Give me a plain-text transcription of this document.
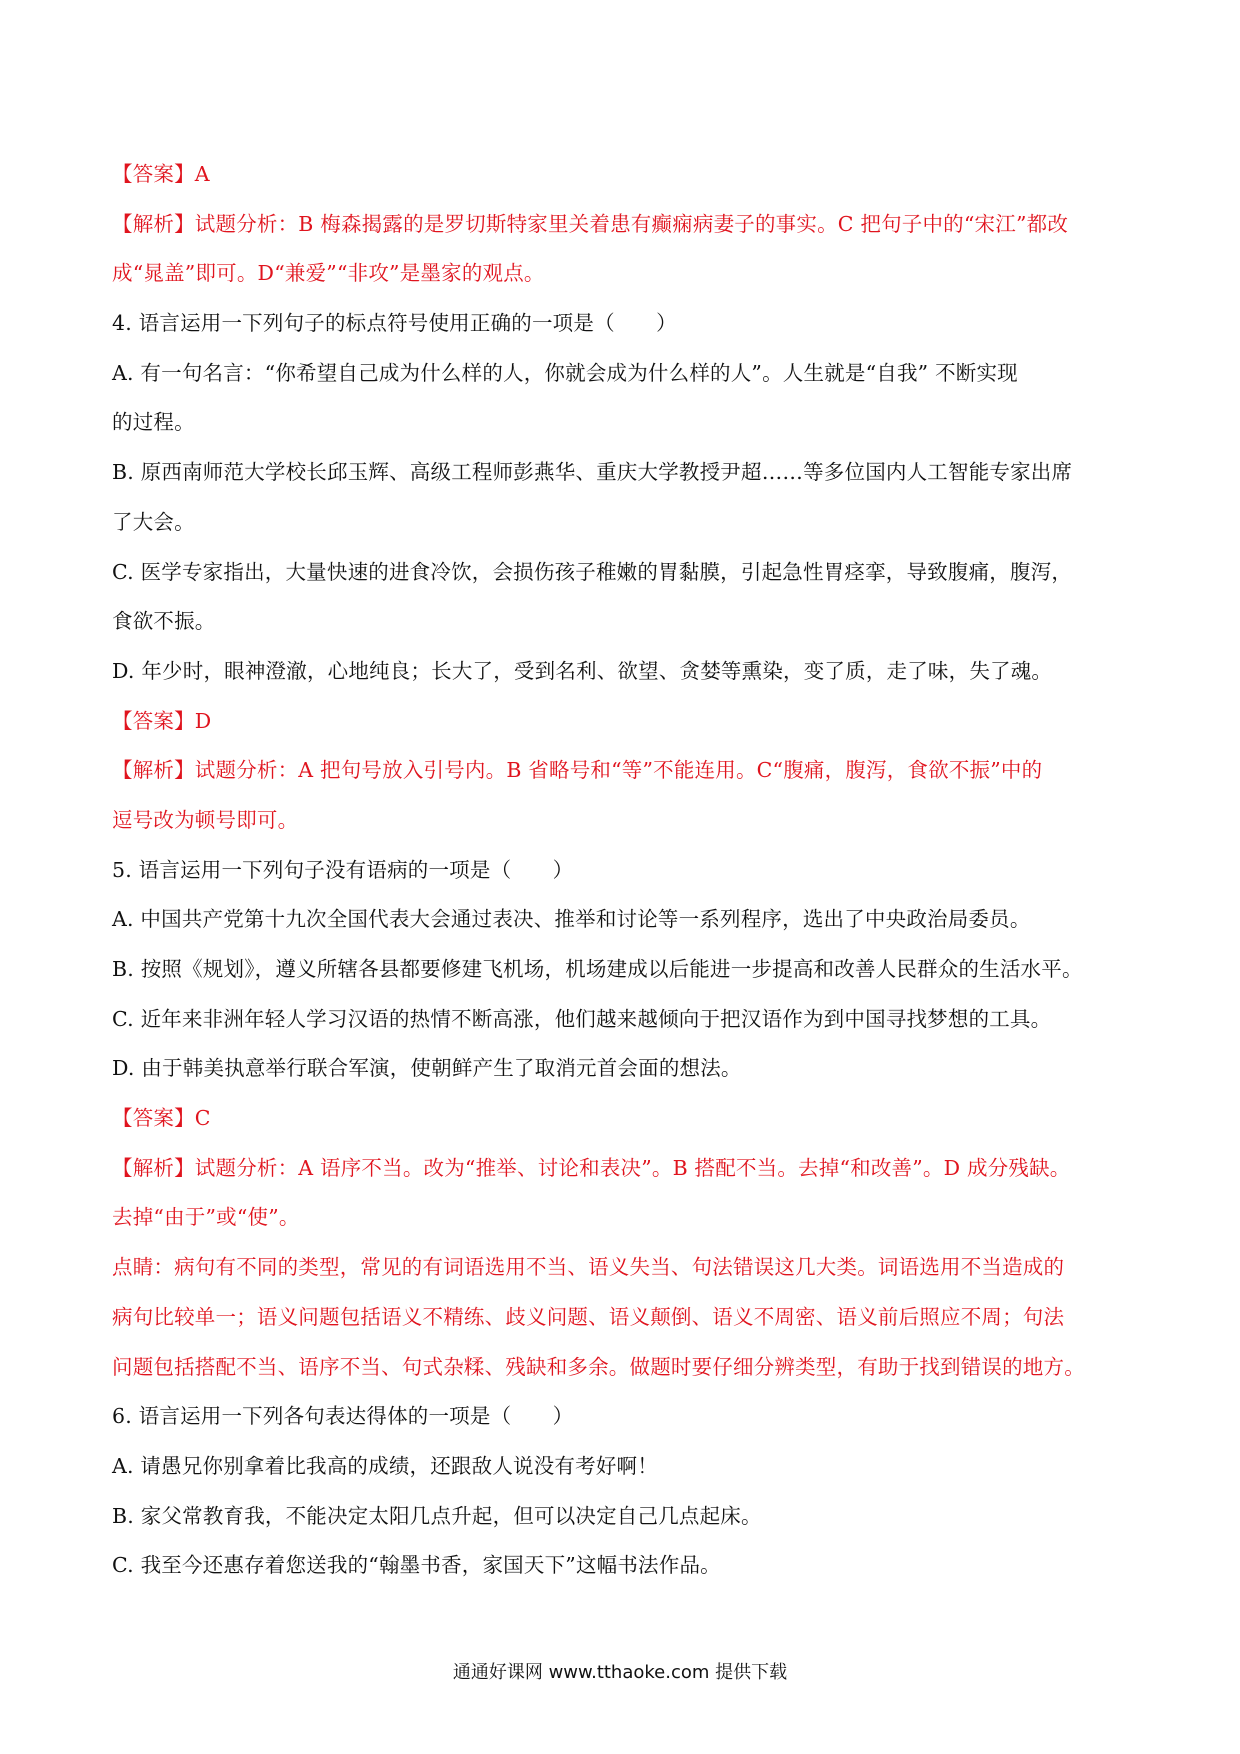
【答案】A
【解析】试题分析：B 梅森揭露的是罗切斯特家里关着患有癫痫病妻子的事实。C 把句子中的“宋江”都改
成“晁盖”即可。D“兼爱”“非攻”是墨家的观点。
4. 语言运用一下列句子的标点符号使用正确的一项是（　　）
A. 有一句名言：“你希望自己成为什么样的人，你就会成为什么样的人”。人生就是“自我” 不断实现
的过程。
B. 原西南师范大学校长邱玉辉、高级工程师彭燕华、重庆大学教授尹超……等多位国内人工智能专家出席
了大会。
C. 医学专家指出，大量快速的进食冷饮，会损伤孩子稚嫩的胃黏膜，引起急性胃痉挛，导致腹痛，腹泻，
食欲不振。
D. 年少时，眼神澄澈，心地纯良；长大了，受到名利、欲望、贪婪等熏染，变了质，走了味，失了魂。
【答案】D
【解析】试题分析：A 把句号放入引号内。B 省略号和“等”不能连用。C“腹痛，腹泻，食欲不振”中的
逗号改为顿号即可。
5. 语言运用一下列句子没有语病的一项是（　　）
A. 中国共产党第十九次全国代表大会通过表决、推举和讨论等一系列程序，选出了中央政治局委员。
B. 按照《规划》，遵义所辖各县都要修建飞机场，机场建成以后能进一步提高和改善人民群众的生活水平。
C. 近年来非洲年轻人学习汉语的热情不断高涨，他们越来越倾向于把汉语作为到中国寻找梦想的工具。
D. 由于韩美执意举行联合军演，使朝鲜产生了取消元首会面的想法。
【答案】C
【解析】试题分析：A 语序不当。改为“推举、讨论和表决”。B 搭配不当。去掉“和改善”。D 成分残缺。
去掉“由于”或“使”。
点睛：病句有不同的类型，常见的有词语选用不当、语义失当、句法错误这几大类。词语选用不当造成的
病句比较单一；语义问题包括语义不精练、歧义问题、语义颠倒、语义不周密、语义前后照应不周；句法
问题包括搭配不当、语序不当、句式杂糅、残缺和多余。做题时要仔细分辨类型，有助于找到错误的地方。
6. 语言运用一下列各句表达得体的一项是（　　）
A. 请愚兄你别拿着比我高的成绩，还跟敌人说没有考好啊！
B. 家父常教育我，不能决定太阳几点升起，但可以决定自己几点起床。
C. 我至今还惠存着您送我的“翰墨书香，家国天下”这幅书法作品。
通通好课网 www.tthaoke.com 提供下载
